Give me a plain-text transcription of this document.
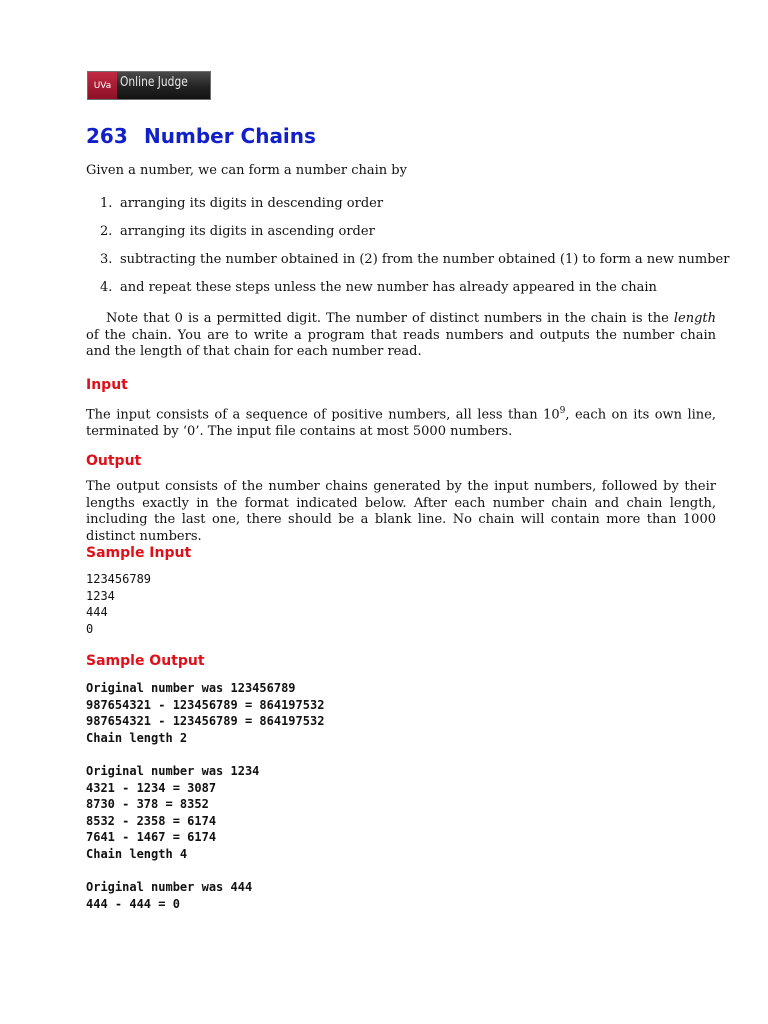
UVa Online Judge
263 Number Chains

Given a number, we can form a number chain by

1. arranging its digits in descending order
2. arranging its digits in ascending order
3. subtracting the number obtained in (2) from the number obtained (1) to form a new number
4. and repeat these steps unless the new number has already appeared in the chain

Note that 0 is a permitted digit. The number of distinct numbers in the chain is the length of the chain. You are to write a program that reads numbers and outputs the number chain and the length of that chain for each number read.

Input

The input consists of a sequence of positive numbers, all less than $10^9$, each on its own line, terminated by ‘0’. The input file contains at most 5000 numbers.

Output

The output consists of the number chains generated by the input numbers, followed by their lengths exactly in the format indicated below. After each number chain and chain length, including the last one, there should be a blank line. No chain will contain more than 1000 distinct numbers.

Sample Input
123456789
1234
444
0
Sample Output
Original number was 123456789
987654321 - 123456789 = 864197532
987654321 - 123456789 = 864197532
Chain length 2
Original number was 1234
4321 - 1234 = 3087
8730 - 378 = 8352
8532 - 2358 = 6174
7641 - 1467 = 6174
Chain length 4
Original number was 444
444 - 444 = 0
